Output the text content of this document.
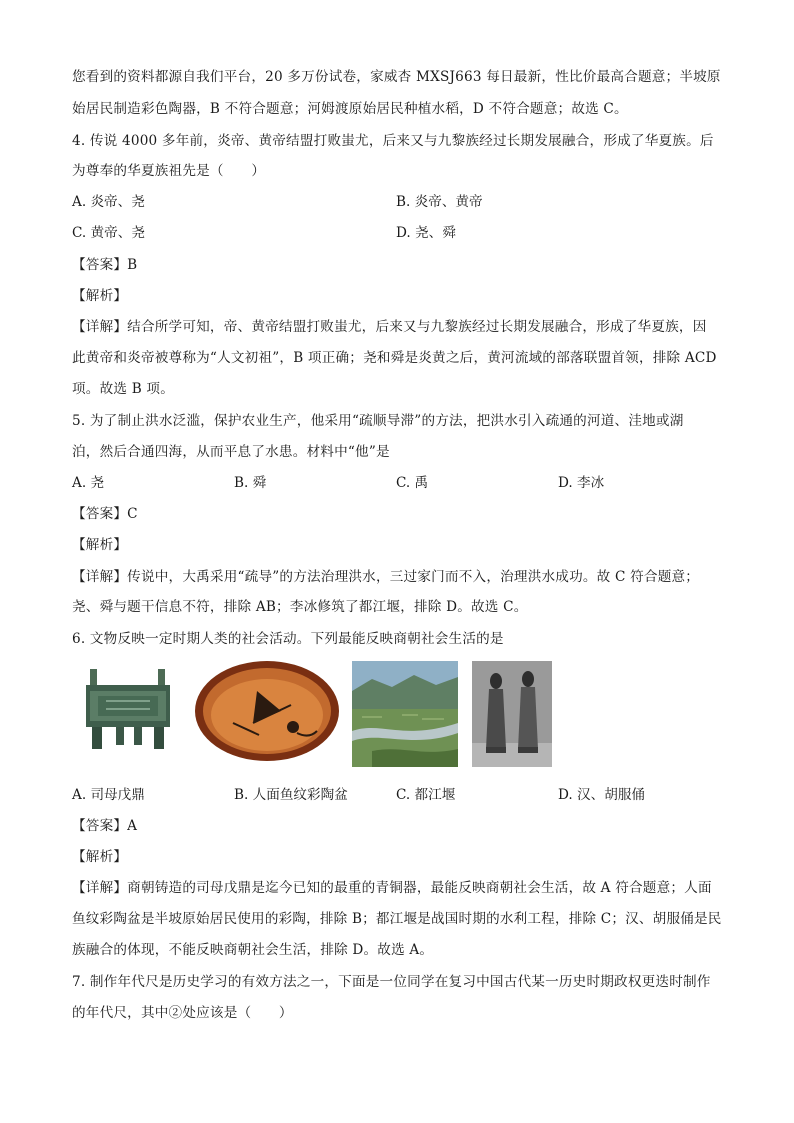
您看到的资料都源自我们平台，20 多万份试卷，家威杏 MXSJ663 每日最新，性比价最高合题意；半坡原
始居民制造彩色陶器，B 不符合题意；河姆渡原始居民种植水稻，D 不符合题意；故选 C。
4. 传说 4000 多年前，炎帝、黄帝结盟打败蚩尤，后来又与九黎族经过长期发展融合，形成了华夏族。后
为尊奉的华夏族祖先是（　　）
A. 炎帝、尧	B. 炎帝、黄帝
C. 黄帝、尧	D. 尧、舜
【答案】B
【解析】
【详解】结合所学可知，帝、黄帝结盟打败蚩尤，后来又与九黎族经过长期发展融合，形成了华夏族，因
此黄帝和炎帝被尊称为“人文初祖”，B 项正确；尧和舜是炎黄之后，黄河流域的部落联盟首领，排除 ACD
项。故选 B 项。
5. 为了制止洪水泛滥，保护农业生产，他采用“疏顺导滞”的方法，把洪水引入疏通的河道、洼地或湖
泊，然后合通四海，从而平息了水患。材料中“他”是
A. 尧	B. 舜	C. 禹	D. 李冰
【答案】C
【解析】
【详解】传说中，大禹采用“疏导”的方法治理洪水，三过家门而不入，治理洪水成功。故 C 符合题意；
尧、舜与题干信息不符，排除 AB；李冰修筑了都江堰，排除 D。故选 C。
6. 文物反映一定时期人类的社会活动。下列最能反映商朝社会生活的是
A. 司母戊鼎	B. 人面鱼纹彩陶盆	C. 都江堰	D. 汉、胡服俑
【答案】A
【解析】
【详解】商朝铸造的司母戊鼎是迄今已知的最重的青铜器，最能反映商朝社会生活，故 A 符合题意；人面
鱼纹彩陶盆是半坡原始居民使用的彩陶，排除 B；都江堰是战国时期的水利工程，排除 C；汉、胡服俑是民
族融合的体现，不能反映商朝社会生活，排除 D。故选 A。
7. 制作年代尺是历史学习的有效方法之一，下面是一位同学在复习中国古代某一历史时期政权更迭时制作
的年代尺，其中②处应该是（　　）
